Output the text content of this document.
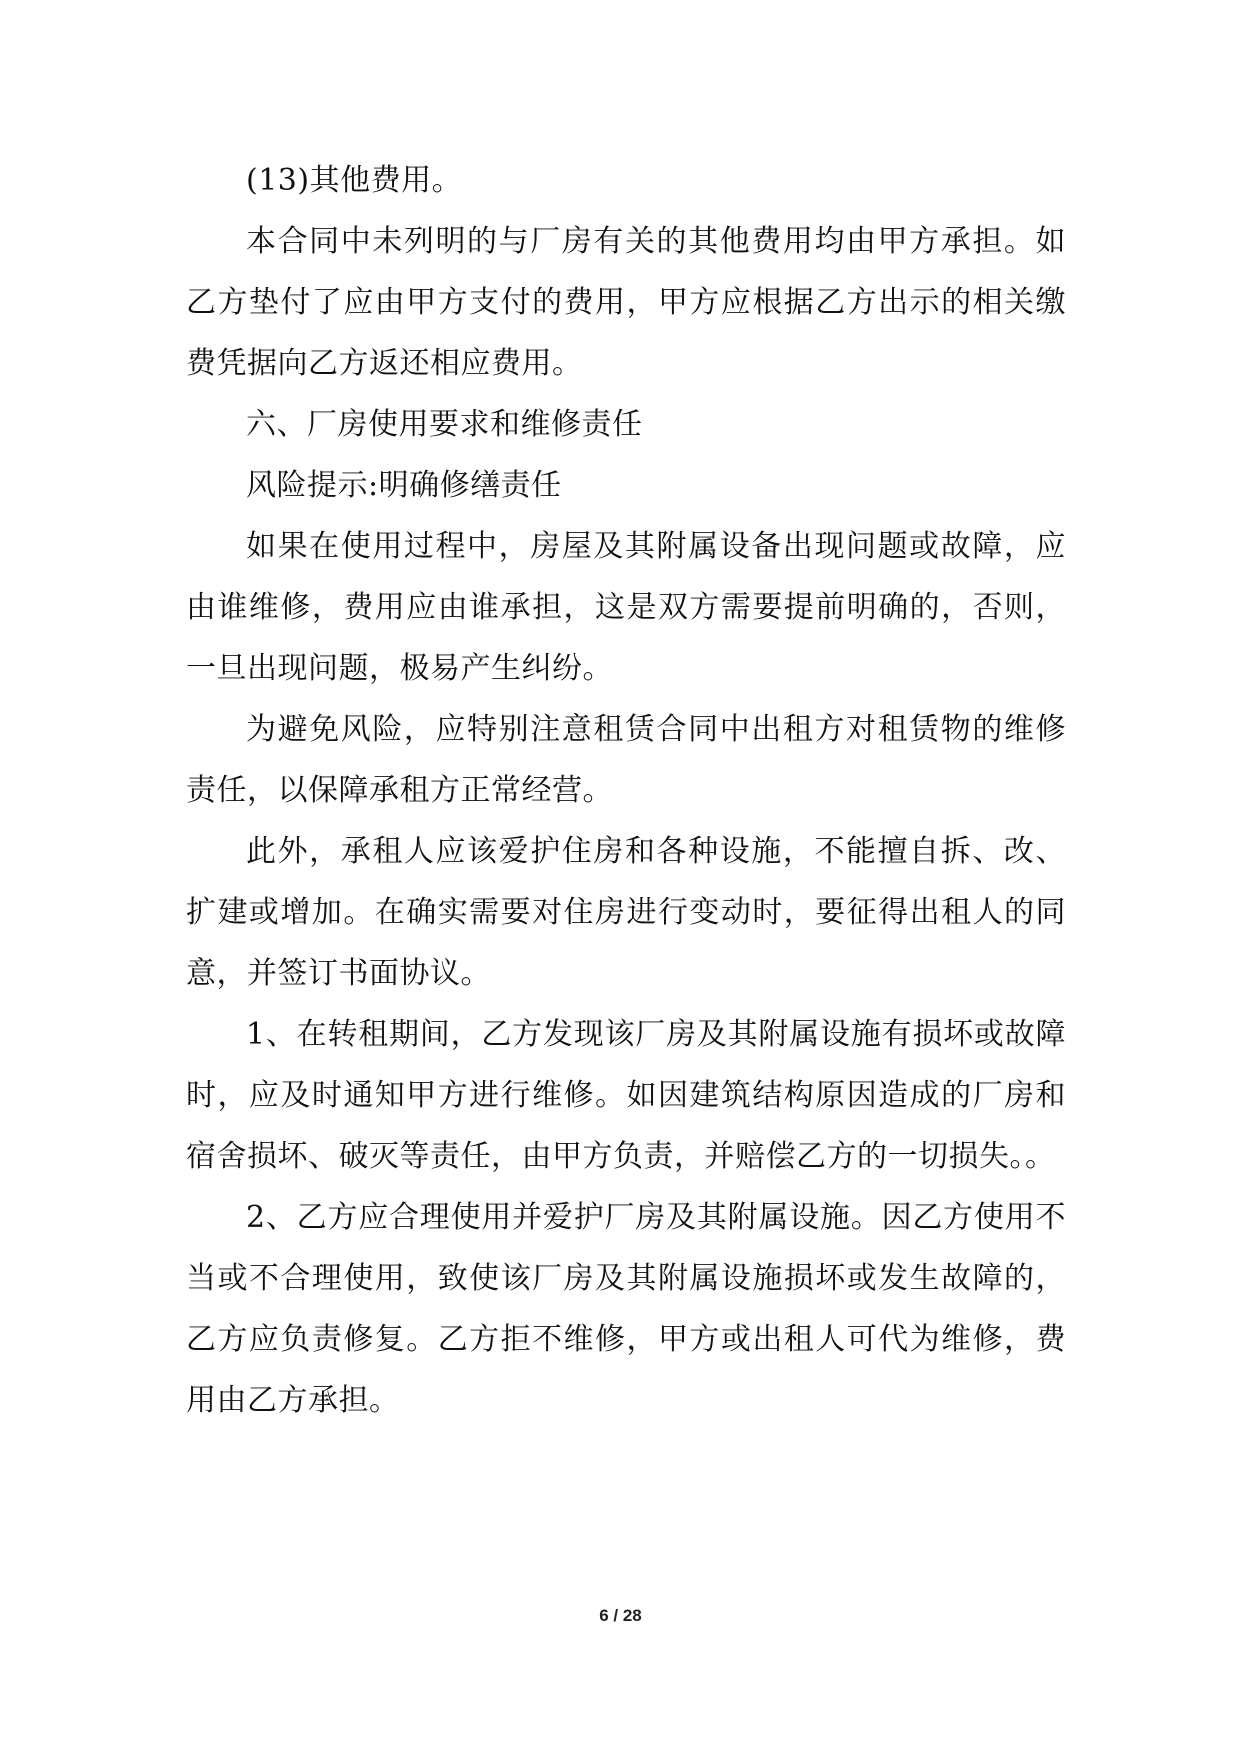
(13)其他费用。

本合同中未列明的与厂房有关的其他费用均由甲方承担。如乙方垫付了应由甲方支付的费用，甲方应根据乙方出示的相关缴费凭据向乙方返还相应费用。

六、厂房使用要求和维修责任

风险提示:明确修缮责任

如果在使用过程中，房屋及其附属设备出现问题或故障，应由谁维修，费用应由谁承担，这是双方需要提前明确的，否则，一旦出现问题，极易产生纠纷。

为避免风险，应特别注意租赁合同中出租方对租赁物的维修责任，以保障承租方正常经营。

此外，承租人应该爱护住房和各种设施，不能擅自拆、改、扩建或增加。在确实需要对住房进行变动时，要征得出租人的同意，并签订书面协议。

1、在转租期间，乙方发现该厂房及其附属设施有损坏或故障时，应及时通知甲方进行维修。如因建筑结构原因造成的厂房和宿舍损坏、破灭等责任，由甲方负责，并赔偿乙方的一切损失。。

2、乙方应合理使用并爱护厂房及其附属设施。因乙方使用不当或不合理使用，致使该厂房及其附属设施损坏或发生故障的，乙方应负责修复。乙方拒不维修，甲方或出租人可代为维修，费用由乙方承担。

6 / 28
